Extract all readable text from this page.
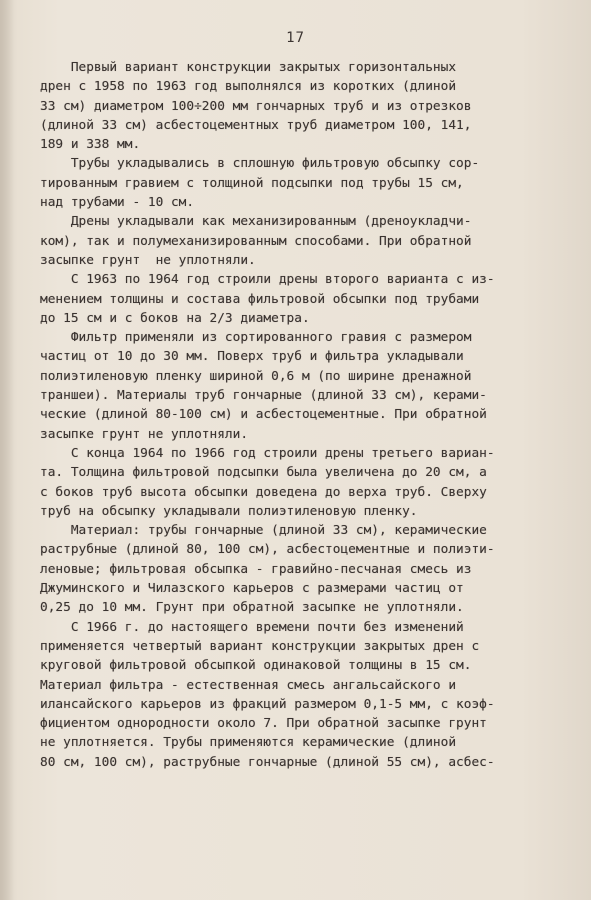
17
Первый вариант конструкции закрытых горизонтальных
дрен с 1958 по 1963 год выполнялся из коротких (длиной
33 см) диаметром 100÷200 мм гончарных труб и из отрезков
(длиной 33 см) асбестоцементных труб диаметром 100, 141,
189 и 338 мм.
Трубы укладывались в сплошную фильтровую обсыпку сор-
тированным гравием с толщиной подсыпки под трубы 15 см,
над трубами - 10 см.
Дрены укладывали как механизированным (дреноукладчи-
ком), так и полумеханизированным способами. При обратной
засыпке грунт  не уплотняли.
С 1963 по 1964 год строили дрены второго варианта с из-
менением толщины и состава фильтровой обсыпки под трубами
до 15 см и с боков на 2/3 диаметра.
Фильтр применяли из сортированного гравия с размером
частиц от 10 до 30 мм. Поверх труб и фильтра укладывали
полиэтиленовую пленку шириной 0,6 м (по ширине дренажной
траншеи). Материалы труб гончарные (длиной 33 см), керами-
ческие (длиной 80-100 см) и асбестоцементные. При обратной
засыпке грунт не уплотняли.
С конца 1964 по 1966 год строили дрены третьего вариан-
та. Толщина фильтровой подсыпки была увеличена до 20 см, а
с боков труб высота обсыпки доведена до верха труб. Сверху
труб на обсыпку укладывали полиэтиленовую пленку.
Материал: трубы гончарные (длиной 33 см), керамические
раструбные (длиной 80, 100 см), асбестоцементные и полиэти-
леновые; фильтровая обсыпка - гравийно-песчаная смесь из
Джуминского и Чилазского карьеров с размерами частиц от
0,25 до 10 мм. Грунт при обратной засыпке не уплотняли.
С 1966 г. до настоящего времени почти без изменений
применяется четвертый вариант конструкции закрытых дрен с
круговой фильтровой обсыпкой одинаковой толщины в 15 см.
Материал фильтра - естественная смесь ангальсайского и
илансайского карьеров из фракций размером 0,1-5 мм, с коэф-
фициентом однородности около 7. При обратной засыпке грунт
не уплотняется. Трубы применяются керамические (длиной
80 см, 100 см), раструбные гончарные (длиной 55 см), асбес-
